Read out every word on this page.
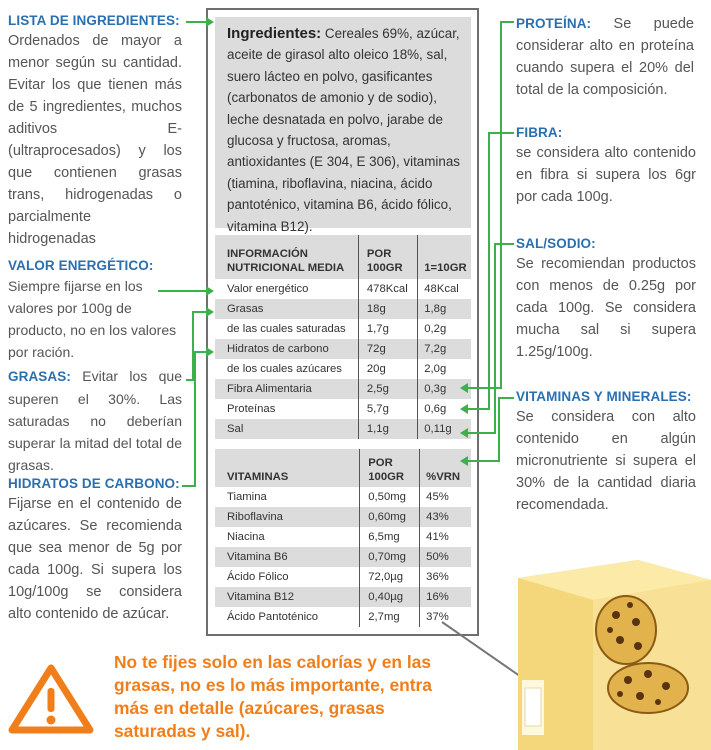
LISTA DE INGREDIENTES:
Ordenados de mayor a menor según su cantidad. Evitar los que tienen más de 5 ingredientes, muchos aditivos E- (ultraprocesados) y los que contienen grasas trans, hidrogenadas o parcialmente hidrogenadas
VALOR ENERGÉTICO:
Siempre fijarse en los valores por 100g de producto, no en los valores por ración.
GRASAS: Evitar los que superen el 30%. Las saturadas no deberían superar la mitad del total de grasas.
HIDRATOS DE CARBONO:
Fijarse en el contenido de azúcares. Se recomienda que sea menor de 5g por cada 100g. Si supera los 10g/100g se considera alto contenido de azúcar.
PROTEÍNA: Se puede considerar alto en proteína cuando supera el 20% del total de la composición.
FIBRA:
se considera alto contenido en fibra si supera los 6gr por cada 100g.
SAL/SODIO:
Se recomiendan productos con menos de 0.25g por cada 100g. Se considera mucha sal si supera 1.25g/100g.
VITAMINAS Y MINERALES:
Se considera con alto contenido en algún micronutriente si supera el 30% de la cantidad diaria recomendada.
Ingredientes: Cereales 69%, azúcar, aceite de girasol alto oleico 18%, sal, suero lácteo en polvo, gasificantes (carbonatos de amonio y de sodio), leche desnatada en polvo, jarabe de glucosa y fructosa, aromas, antioxidantes (E 304, E 306), vitaminas (tiamina, riboflavina, niacina, ácido pantoténico, vitamina B6, ácido fólico, vitamina B12).
INFORMACIÓN NUTRICIONAL MEDIA	POR 100GR	1=10GR
Valor energético	478Kcal	48Kcal
Grasas	18g	1,8g
de las cuales saturadas	1,7g	0,2g
Hidratos de carbono	72g	7,2g
de los cuales azúcares	20g	2,0g
Fibra Alimentaria	2,5g	0,3g
Proteínas	5,7g	0,6g
Sal	1,1g	0,11g
VITAMINAS	POR 100GR	%VRN
Tiamina	0,50mg	45%
Riboflavina	0,60mg	43%
Niacina	6,5mg	41%
Vitamina B6	0,70mg	50%
Ácido Fólico	72,0µg	36%
Vitamina B12	0,40µg	16%
Ácido Pantoténico	2,7mg	37%
No te fijes solo en las calorías y en las grasas, no es lo más importante, entra más en detalle (azúcares, grasas saturadas y sal).
